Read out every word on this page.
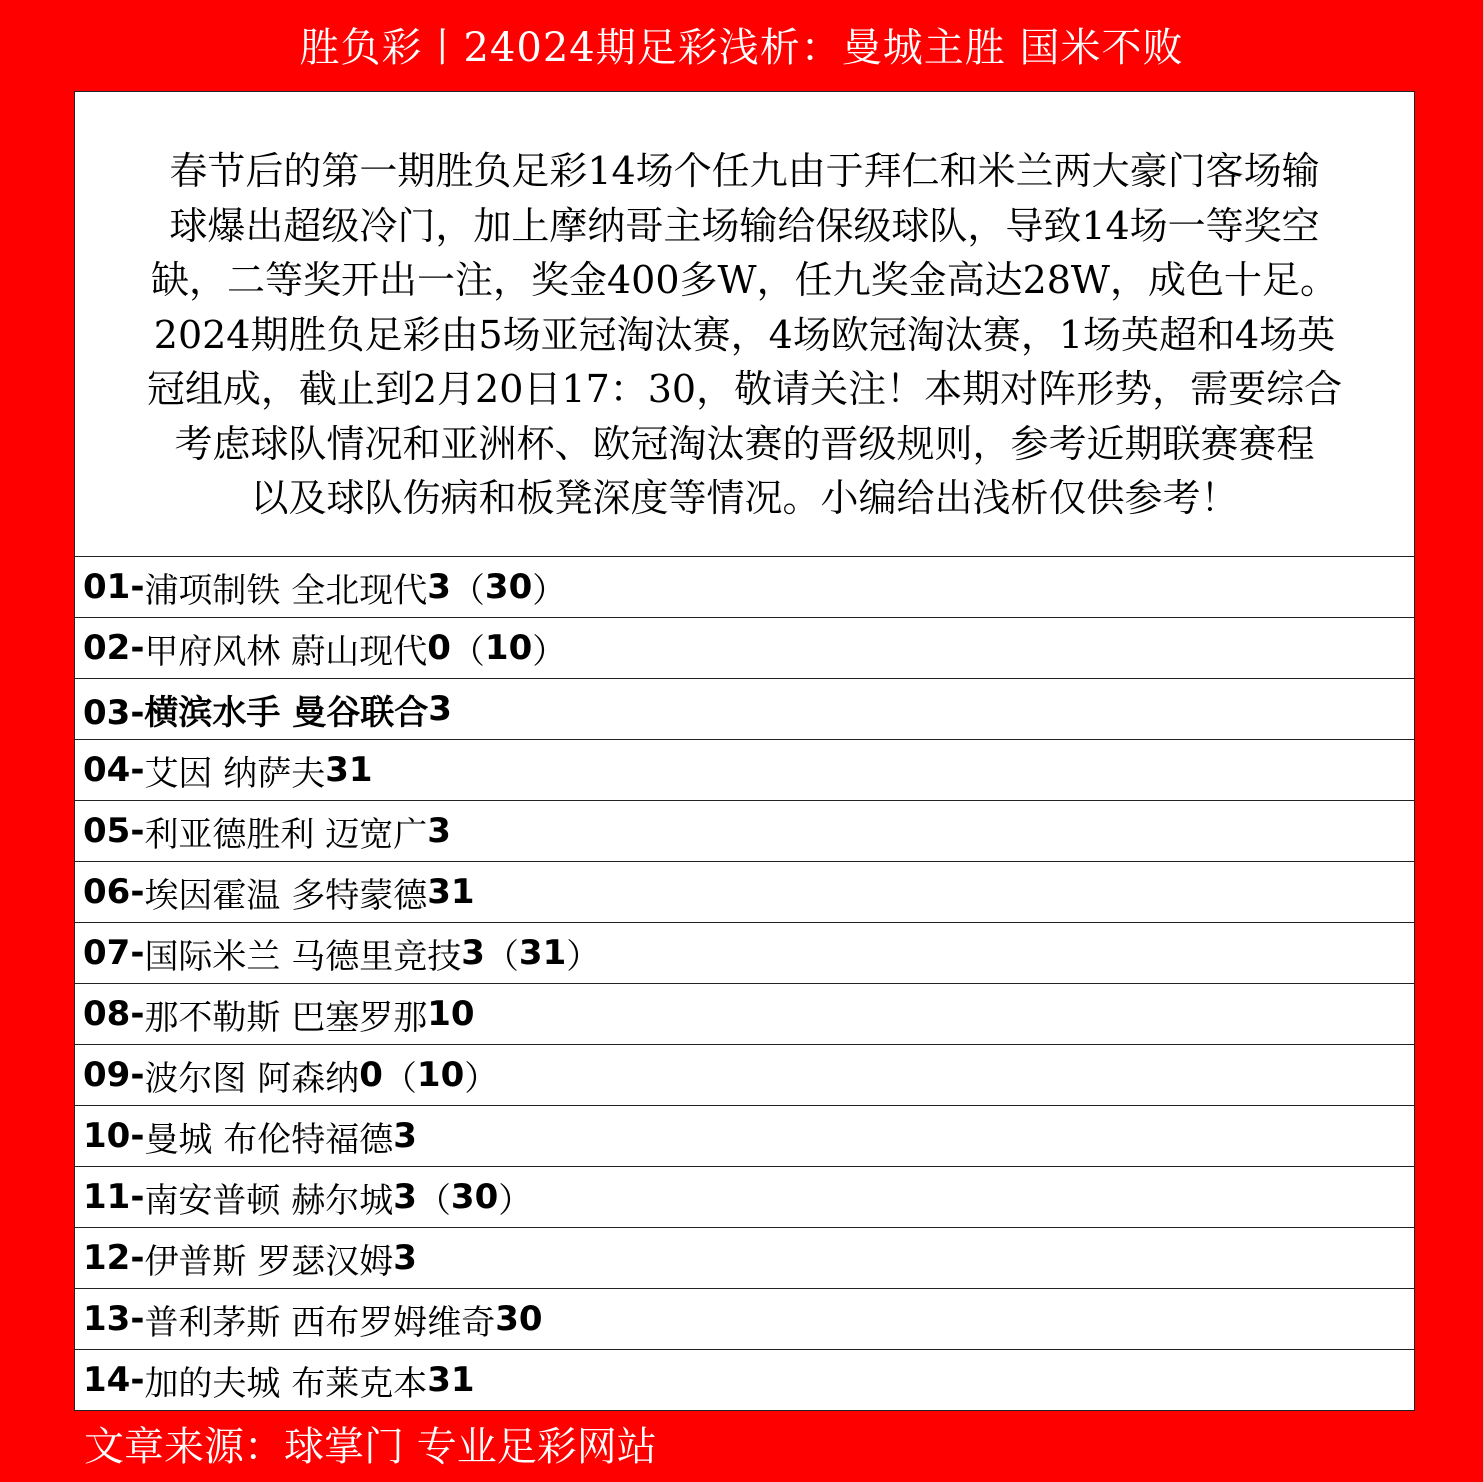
胜负彩丨24024期足彩浅析：曼城主胜 国米不败
春节后的第一期胜负足彩14场个任九由于拜仁和米兰两大豪门客场输
球爆出超级冷门，加上摩纳哥主场输给保级球队，导致14场一等奖空
缺，二等奖开出一注，奖金400多W，任九奖金高达28W，成色十足。
2024期胜负足彩由5场亚冠淘汰赛，4场欧冠淘汰赛，1场英超和4场英
冠组成，截止到2月20日17：30，敬请关注！本期对阵形势，需要综合
考虑球队情况和亚洲杯、欧冠淘汰赛的晋级规则，参考近期联赛赛程
以及球队伤病和板凳深度等情况。小编给出浅析仅供参考！
01- 浦项制铁 全北现代 3 （ 30 ）
02- 甲府风林 蔚山现代 0 （ 10 ）
03-横滨水手 曼谷联合 3
04- 艾因 纳萨夫 31
05- 利亚德胜利 迈宽广 3
06- 埃因霍温 多特蒙德 31
07- 国际米兰 马德里竞技 3 （ 31 ）
08- 那不勒斯 巴塞罗那 10
09- 波尔图 阿森纳 0 （ 10 ）
10- 曼城 布伦特福德 3
11- 南安普顿 赫尔城 3 （ 30 ）
12- 伊普斯 罗瑟汉姆 3
13- 普利茅斯 西布罗姆维奇 30
14- 加的夫城 布莱克本 31
文章来源：球掌门 专业足彩网站
